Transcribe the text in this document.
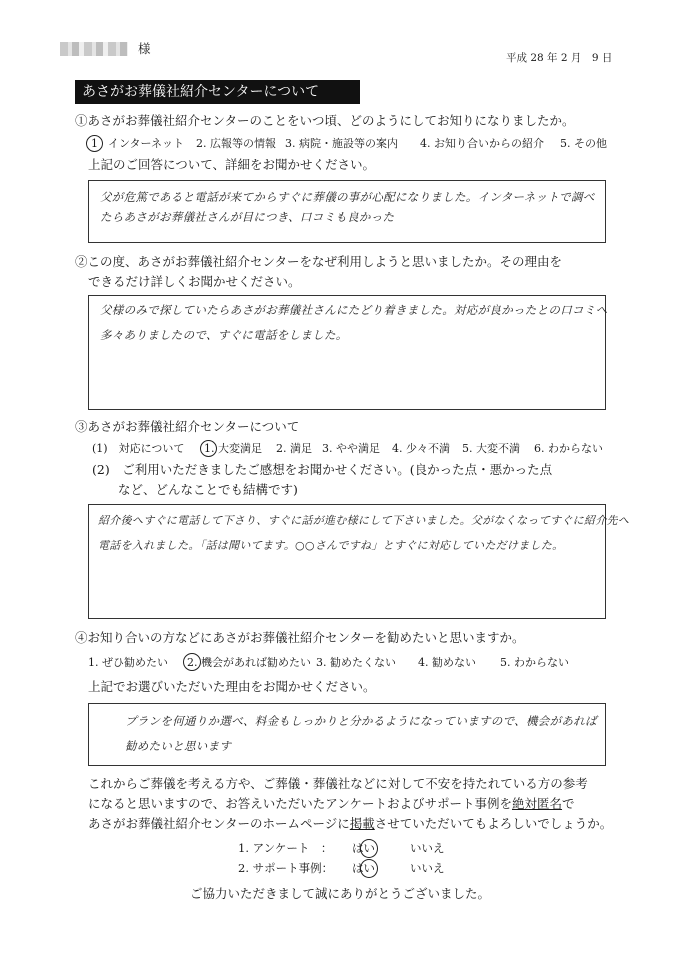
様
平成 28 年 2 月　9 日
あさがお葬儀社紹介センターについて
①あさがお葬儀社紹介センターのことをいつ頃、どのようにしてお知りになりましたか。
1 インターネット 2. 広報等の情報 3. 病院・施設等の案内 4. お知り合いからの紹介 5. その他
上記のご回答について、詳細をお聞かせください。
父が危篤であると電話が来てからすぐに葬儀の事が心配になりました。インターネットで調べ
たらあさがお葬儀社さんが目につき、口コミも良かった
②この度、あさがお葬儀社紹介センターをなぜ利用しようと思いましたか。その理由を
できるだけ詳しくお聞かせください。
父様のみで探していたらあさがお葬儀社さんにたどり着きました。対応が良かったとの口コミへ
多々ありましたので、すぐに電話をしました。
③あさがお葬儀社紹介センターについて
(1)　対応について 1. 大変満足 2. 満足 3. やや満足 4. 少々不満 5. 大変不満 6. わからない
(2)　ご利用いただきましたご感想をお聞かせください。(良かった点・悪かった点
など、どんなことでも結構です)
紹介後へすぐに電話して下さり、すぐに話が進む様にして下さいました。父がなくなってすぐに紹介先へ
電話を入れました。「話は聞いてます。○○さんですね」とすぐに対応していただけました。
④お知り合いの方などにあさがお葬儀社紹介センターを勧めたいと思いますか。
1. ぜひ勧めたい 2. 機会があれば勧めたい 3. 勧めたくない 4. 勧めない 5. わからない
上記でお選びいただいた理由をお聞かせください。
プランを何通りか選べ、料金もしっかりと分かるようになっていますので、機会があれば
勧めたいと思います
これからご葬儀を考える方や、ご葬儀・葬儀社などに対して不安を持たれている方の参考
になると思いますので、お答えいただいたアンケートおよびサポート事例を絶対匿名で
あさがお葬儀社紹介センターのホームページに掲載させていただいてもよろしいでしょうか。
1. アンケート　： はい	いいえ
2. サポート事例： はい	いいえ
ご協力いただきまして誠にありがとうございました。
